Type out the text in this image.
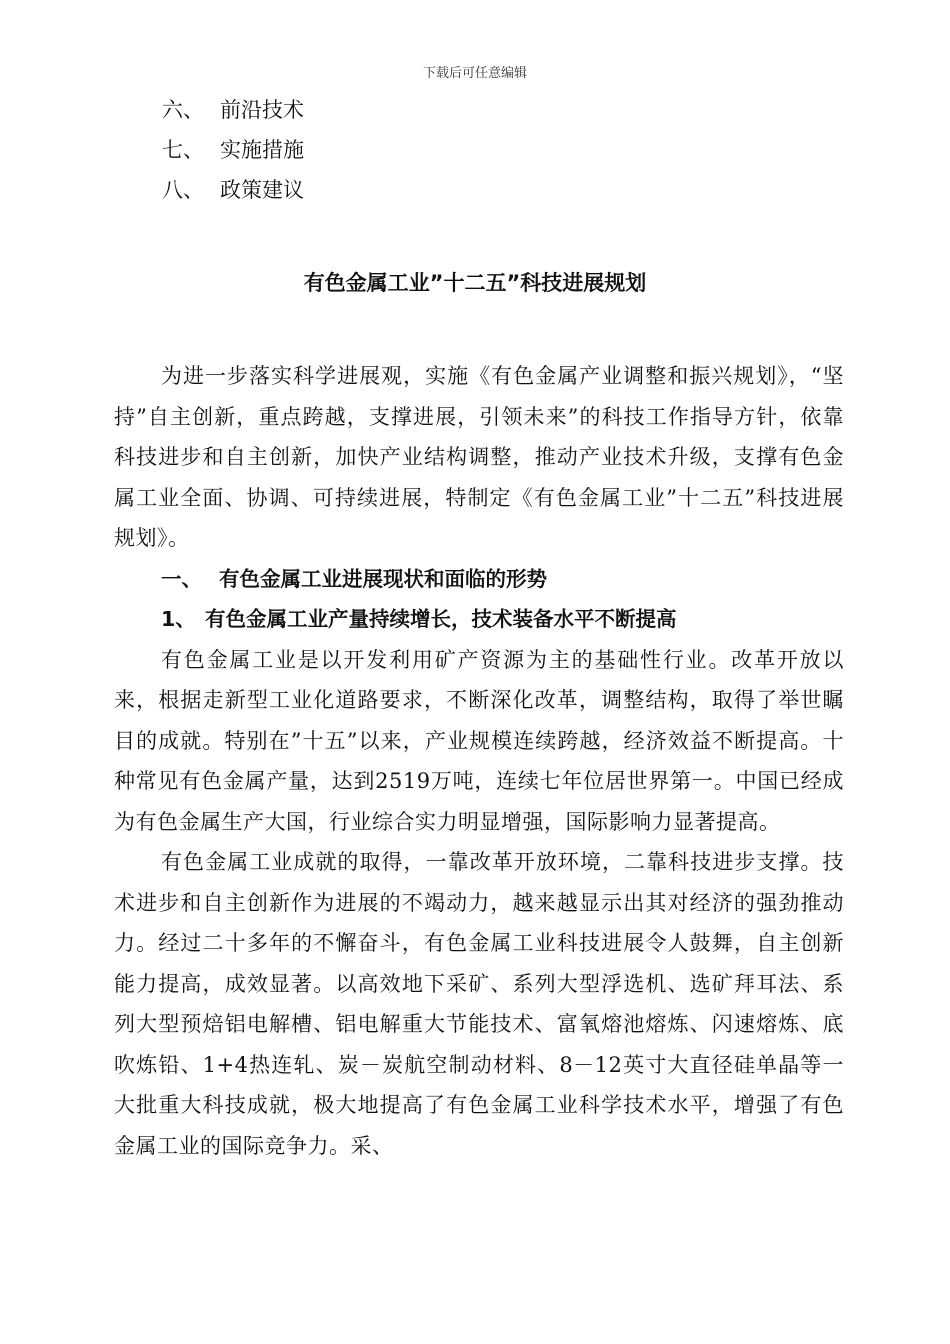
下载后可任意编辑
六、 前沿技术
七、 实施措施
八、 政策建议
有色金属工业”十二五”科技进展规划
为进一步落实科学进展观，实施《有色金属产业调整和振兴规划》，“坚持”自主创新，重点跨越，支撑进展，引领未来”的科技工作指导方针，依靠科技进步和自主创新，加快产业结构调整，推动产业技术升级，支撑有色金属工业全面、协调、可持续进展，特制定《有色金属工业”十二五”科技进展规划》。
一、 有色金属工业进展现状和面临的形势
1、 有色金属工业产量持续增长，技术装备水平不断提高
有色金属工业是以开发利用矿产资源为主的基础性行业。改革开放以来，根据走新型工业化道路要求，不断深化改革，调整结构，取得了举世瞩目的成就。特别在”十五”以来，产业规模连续跨越，经济效益不断提高。十种常见有色金属产量，达到2519万吨，连续七年位居世界第一。中国已经成为有色金属生产大国，行业综合实力明显增强，国际影响力显著提高。
有色金属工业成就的取得，一靠改革开放环境，二靠科技进步支撑。技术进步和自主创新作为进展的不竭动力，越来越显示出其对经济的强劲推动力。经过二十多年的不懈奋斗，有色金属工业科技进展令人鼓舞，自主创新能力提高，成效显著。以高效地下采矿、系列大型浮选机、选矿拜耳法、系列大型预焙铝电解槽、铝电解重大节能技术、富氧熔池熔炼、闪速熔炼、底吹炼铅、1+4热连轧、炭－炭航空制动材料、8－12英寸大直径硅单晶等一大批重大科技成就，极大地提高了有色金属工业科学技术水平，增强了有色金属工业的国际竞争力。采、
